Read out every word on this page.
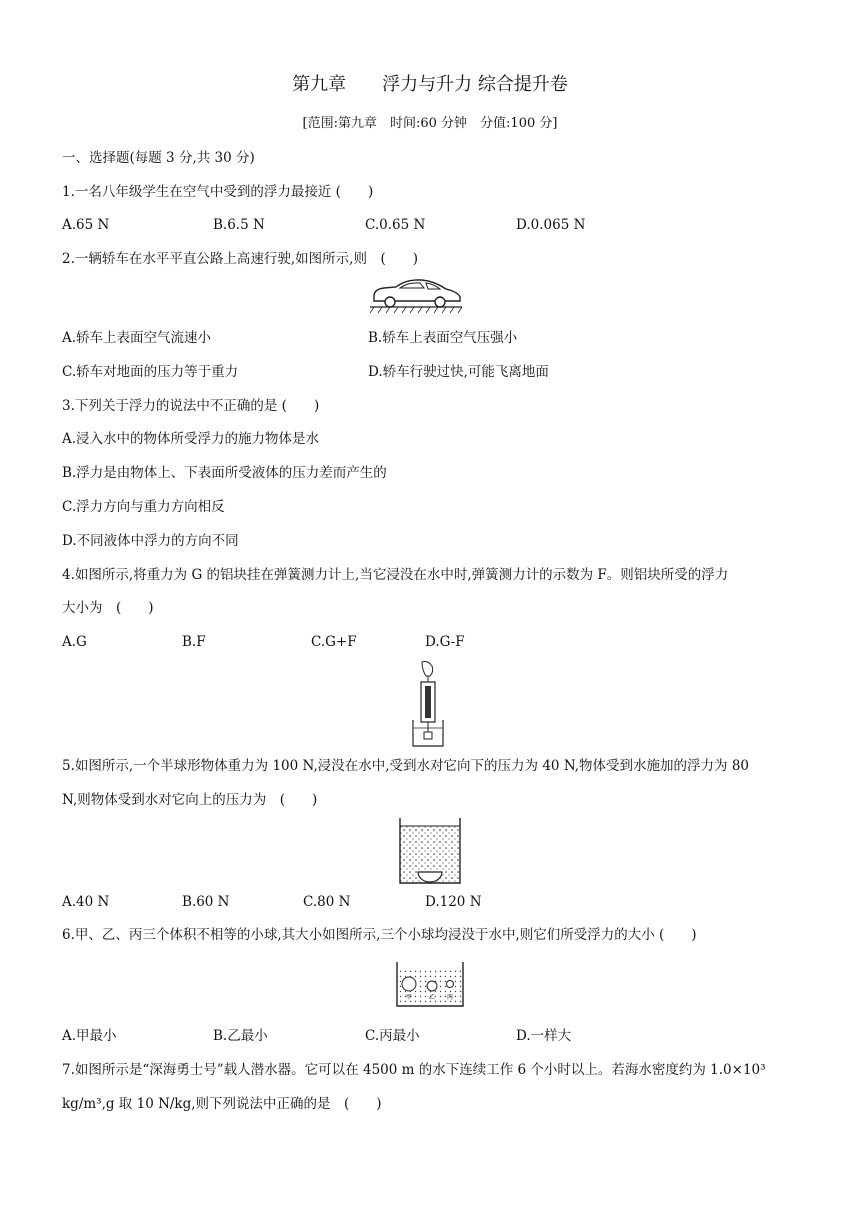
第九章　　浮力与升力 综合提升卷
[范围:第九章　时间:60 分钟　分值:100 分]
一、选择题(每题 3 分,共 30 分)
1.一名八年级学生在空气中受到的浮力最接近 (　　)
A.65 N	B.6.5 N	C.0.65 N	D.0.065 N
2.一辆轿车在水平平直公路上高速行驶,如图所示,则　(　　)
A.轿车上表面空气流速小	B.轿车上表面空气压强小
C.轿车对地面的压力等于重力	D.轿车行驶过快,可能飞离地面
3.下列关于浮力的说法中不正确的是 (　　)
A.浸入水中的物体所受浮力的施力物体是水
B.浮力是由物体上、下表面所受液体的压力差而产生的
C.浮力方向与重力方向相反
D.不同液体中浮力的方向不同
4.如图所示,将重力为 G 的铝块挂在弹簧测力计上,当它浸没在水中时,弹簧测力计的示数为 F。则铝块所受的浮力
大小为　(　　)
A.G	B.F	C.G+F	D.G-F
5.如图所示,一个半球形物体重力为 100 N,浸没在水中,受到水对它向下的压力为 40 N,物体受到水施加的浮力为 80
N,则物体受到水对它向上的压力为　(　　)
A.40 N	B.60 N	C.80 N	D.120 N
6.甲、乙、丙三个体积不相等的小球,其大小如图所示,三个小球均浸没于水中,则它们所受浮力的大小 (　　)
甲	乙 丙
A.甲最小	B.乙最小	C.丙最小	D.一样大
7.如图所示是“深海勇士号”载人潜水器。它可以在 4500 m 的水下连续工作 6 个小时以上。若海水密度约为 1.0×10³
kg/m³,g 取 10 N/kg,则下列说法中正确的是　(　　)
